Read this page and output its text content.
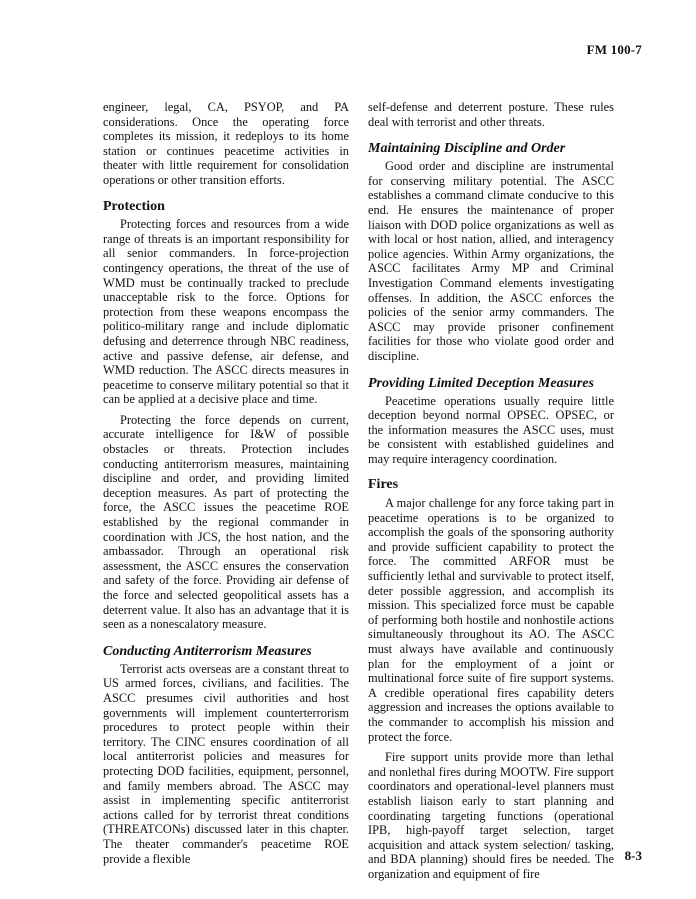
FM 100-7

engineer, legal, CA, PSYOP, and PA considerations. Once the operating force completes its mission, it redeploys to its home station or continues peacetime activities in theater with little requirement for consolidation operations or other transition efforts.

Protection

Protecting forces and resources from a wide range of threats is an important responsibility for all senior commanders. In force-projection contingency operations, the threat of the use of WMD must be continually tracked to preclude unacceptable risk to the force. Options for protection from these weapons encompass the politico-military range and include diplomatic defusing and deterrence through NBC readiness, active and passive defense, air defense, and WMD reduction. The ASCC directs measures in peacetime to conserve military potential so that it can be applied at a decisive place and time.

Protecting the force depends on current, accurate intelligence for I&W of possible obstacles or threats. Protection includes conducting antiterrorism measures, maintaining discipline and order, and providing limited deception measures. As part of protecting the force, the ASCC issues the peacetime ROE established by the regional commander in coordination with JCS, the host nation, and the ambassador. Through an operational risk assessment, the ASCC ensures the conservation and safety of the force. Providing air defense of the force and selected geopolitical assets has a deterrent value. It also has an advantage that it is seen as a nonescalatory measure.

Conducting Antiterrorism Measures

Terrorist acts overseas are a constant threat to US armed forces, civilians, and facilities. The ASCC presumes civil authorities and host governments will implement counterterrorism procedures to protect people within their territory. The CINC ensures coordination of all local antiterrorist policies and measures for protecting DOD facilities, equipment, personnel, and family members abroad. The ASCC may assist in implementing specific antiterrorist actions called for by terrorist threat conditions (THREATCONs) discussed later in this chapter. The theater commander's peacetime ROE provide a flexible

self-defense and deterrent posture. These rules deal with terrorist and other threats.

Maintaining Discipline and Order

Good order and discipline are instrumental for conserving military potential. The ASCC establishes a command climate conducive to this end. He ensures the maintenance of proper liaison with DOD police organizations as well as with local or host nation, allied, and interagency police agencies. Within Army organizations, the ASCC facilitates Army MP and Criminal Investigation Command elements investigating offenses. In addition, the ASCC enforces the policies of the senior army commanders. The ASCC may provide prisoner confinement facilities for those who violate good order and discipline.

Providing Limited Deception Measures

Peacetime operations usually require little deception beyond normal OPSEC. OPSEC, or the information measures the ASCC uses, must be consistent with established guidelines and may require interagency coordination.

Fires

A major challenge for any force taking part in peacetime operations is to be organized to accomplish the goals of the sponsoring authority and provide sufficient capability to protect the force. The committed ARFOR must be sufficiently lethal and survivable to protect itself, deter possible aggression, and accomplish its mission. This specialized force must be capable of performing both hostile and nonhostile actions simultaneously throughout its AO. The ASCC must always have available and continuously plan for the employment of a joint or multinational force suite of fire support systems. A credible operational fires capability deters aggression and increases the options available to the commander to accomplish his mission and protect the force.

Fire support units provide more than lethal and nonlethal fires during MOOTW. Fire support coordinators and operational-level planners must establish liaison early to start planning and coordinating targeting functions (operational IPB, high-payoff target selection, target acquisition and attack system selection/ tasking, and BDA planning) should fires be needed. The organization and equipment of fire

8-3
